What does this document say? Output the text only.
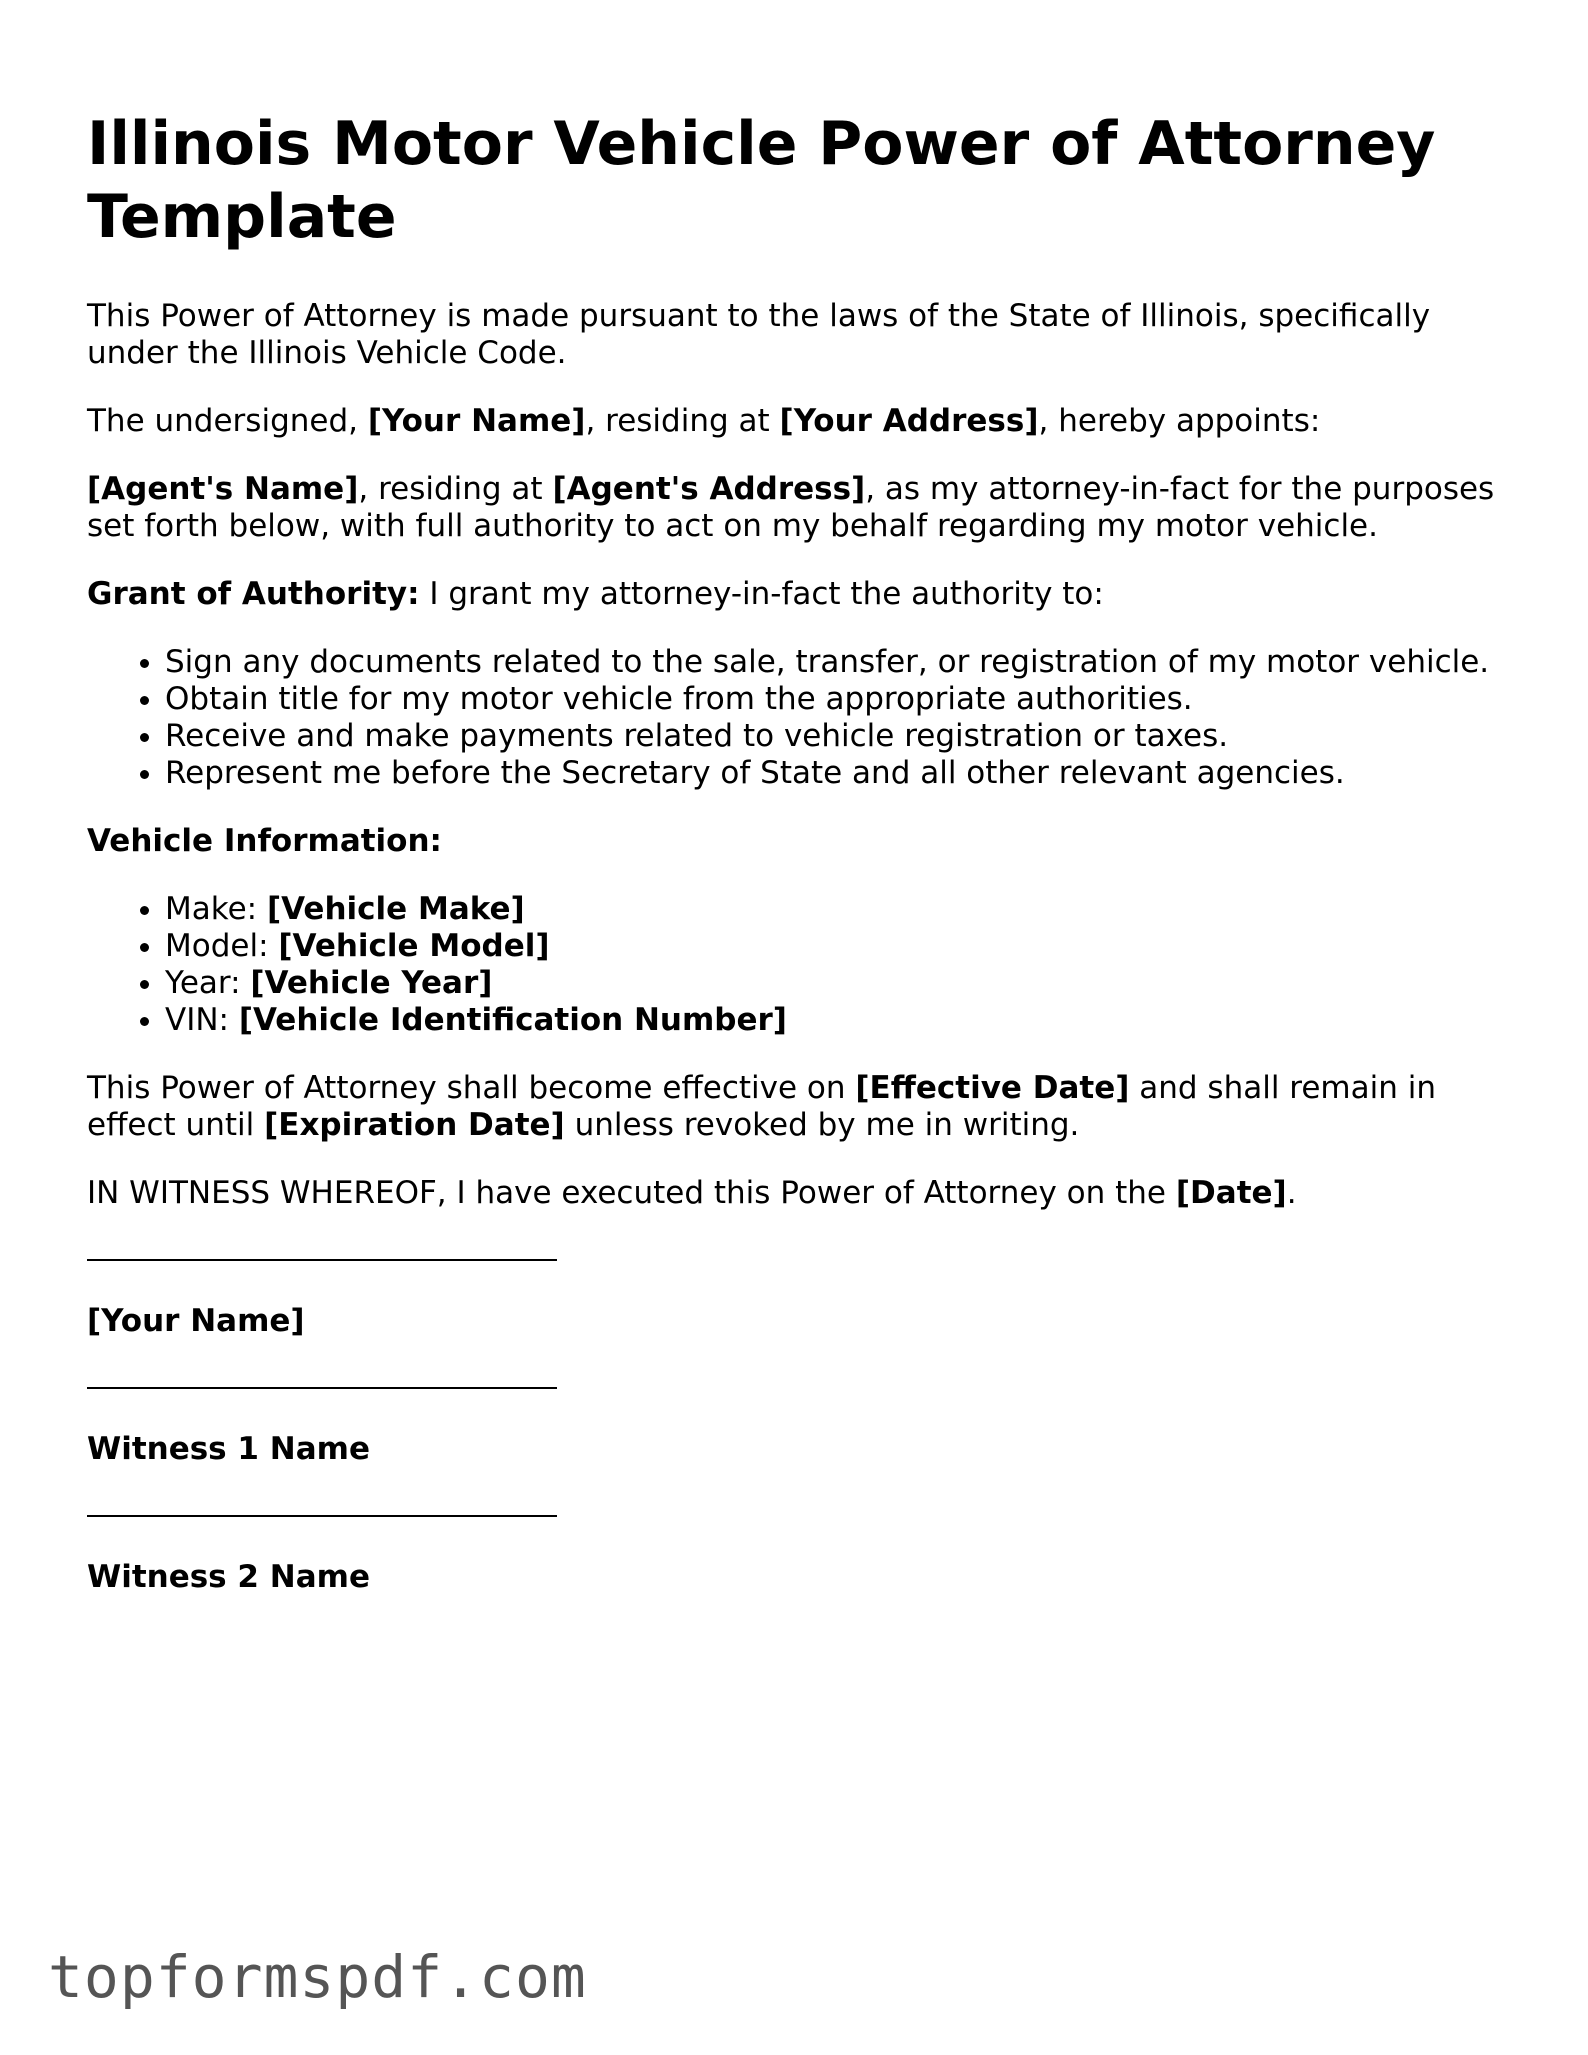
Illinois Motor Vehicle Power of Attorney Template

This Power of Attorney is made pursuant to the laws of the State of Illinois, specifically under the Illinois Vehicle Code.

The undersigned, [Your Name], residing at [Your Address], hereby appoints:

[Agent's Name], residing at [Agent's Address], as my attorney-in-fact for the purposes set forth below, with full authority to act on my behalf regarding my motor vehicle.

Grant of Authority: I grant my attorney-in-fact the authority to:

• Sign any documents related to the sale, transfer, or registration of my motor vehicle.
• Obtain title for my motor vehicle from the appropriate authorities.
• Receive and make payments related to vehicle registration or taxes.
• Represent me before the Secretary of State and all other relevant agencies.

Vehicle Information:

• Make: [Vehicle Make]
• Model: [Vehicle Model]
• Year: [Vehicle Year]
• VIN: [Vehicle Identification Number]

This Power of Attorney shall become effective on [Effective Date] and shall remain in effect until [Expiration Date] unless revoked by me in writing.

IN WITNESS WHEREOF, I have executed this Power of Attorney on the [Date].

[Your Name]

Witness 1 Name

Witness 2 Name

topformspdf.com
